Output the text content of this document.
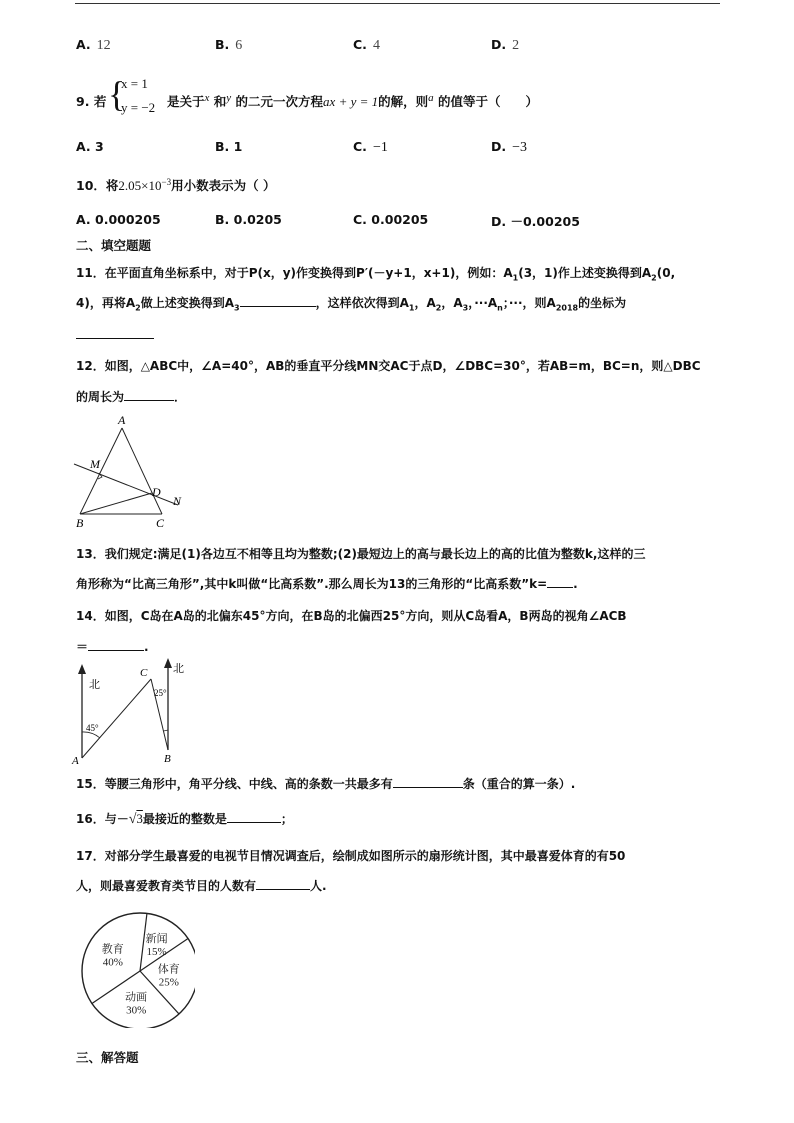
A. 12	B. 6	C. 4	D. 2
9. 若 {
x = 1
y = −2 是关于x 和y 的二元一次方程ax + y = 1的解，则a 的值等于（　　）
A. 3	B. 1	C. −1	D. −3
10．将$2.05\times 10^{-3}$用小数表示为（ ）
A. 0.000205	B. 0.0205	C. 0.00205	D. －0.00205
二、填空题题
11．在平面直角坐标系中，对于P(x，y)作变换得到P′(－y+1，x+1)，例如：$A_1(3$，1)作上述变换得到$A_2(0$,
4)，再将$A_2$做上述变换得到$A_3$	，这样依次得到$A_1$，$A_2$，$A_3$，$\cdot\cdot\cdot A_n$；···，则$A_{2018}$的坐标为
12．如图，△ABC中，∠A=40°，AB的垂直平分线MN交AC于点D，∠DBC=30°，若AB=m，BC=n，则△DBC
的周长为	．
A
M
D
N
B	C
13．我们规定:满足(1)各边互不相等且均为整数;(2)最短边上的高与最长边上的高的比值为整数k,这样的三
角形称为“比高三角形”,其中k叫做“比高系数”.那么周长为13的三角形的“比高系数”k= .
14．如图，C岛在A岛的北偏东45°方向，在B岛的北偏西25°方向，则从C岛看A，B两岛的视角∠ACB
＝	.
北
北
C
25°
45°
A	B
15．等腰三角形中，角平分线、中线、高的条数一共最多有	条（重合的算一条）.
16．与－√3最接近的整数是	；
17．对部分学生最喜爱的电视节目情况调查后，绘制成如图所示的扇形统计图，其中最喜爱体育的有50
人，则最喜爱教育类节目的人数有	人.
新闻
15%
体育
25%
动画
30%
教育
40%
三、解答题
